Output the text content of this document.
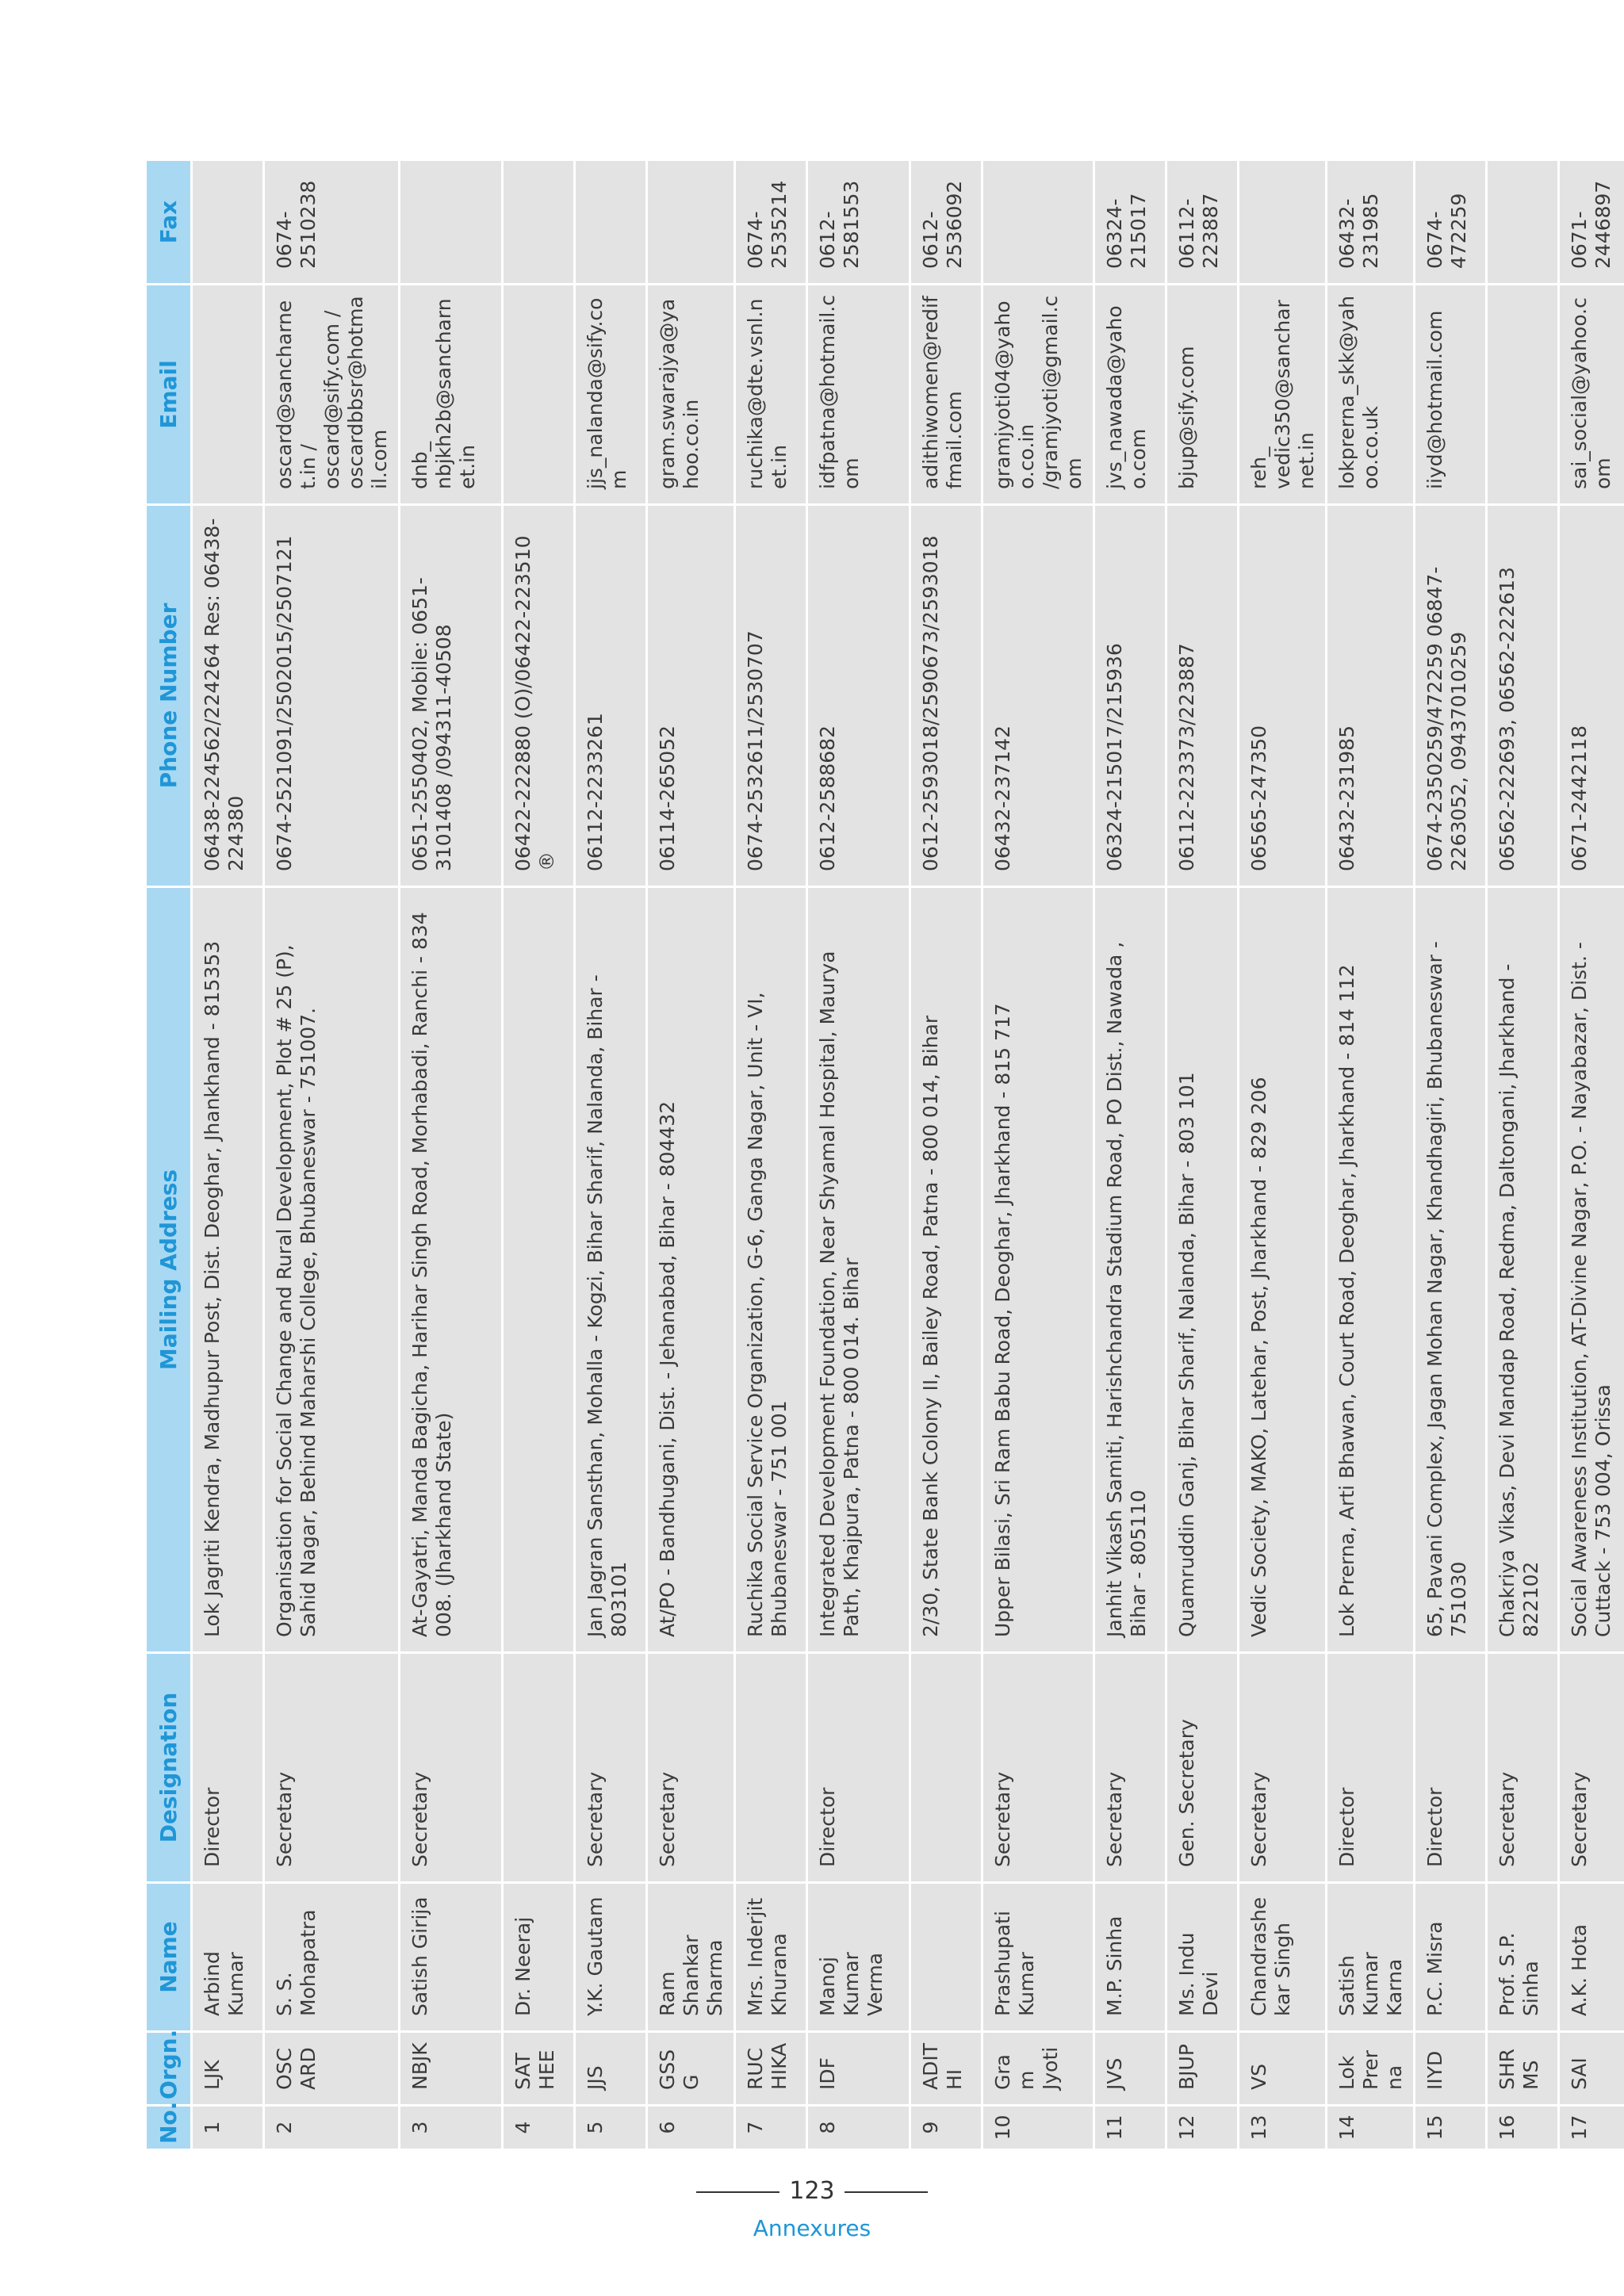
No.	Orgn.	Name	Designation	Mailing Address	Phone Number	Email	Fax
1	LJK	Arbind Kumar	Director	Lok Jagriti Kendra, Madhupur Post, Dist. Deoghar, Jhankhand - 815353	06438-224562/224264 Res: 06438-224380		
2	OSCARD	S. S. Mohapatra	Secretary	Organisation for Social Change and Rural Development, Plot # 25 (P), Sahid Nagar, Behind Maharshi College, Bhubaneswar - 751007.	0674-2521091/2502015/2507121	oscard@sancharnet.in / oscard@sify.com / oscardbbsr@hotmail.com	0674-2510238
3	NBJK	Satish Girija	Secretary	At-Gayatri, Manda Bagicha, Harihar Singh Road, Morhabadi, Ranchi - 834 008. (Jharkhand State)	0651-2550402, Mobile: 0651-3101408 /094311-40508	dnb_ nbjkh2b@sancharnet.in	
4	SATHEE	Dr. Neeraj			06422-222880 (O)/06422-223510 ®		
5	JJS	Y.K. Gautam	Secretary	Jan Jagran Sansthan, Mohalla - Kogzi, Bihar Sharif, Nalanda, Bihar - 803101	06112-2233261	jjs_nalanda@sify.com	
6	GSSG	Ram Shankar Sharma	Secretary	At/PO - Bandhugani, Dist. - Jehanabad, Bihar - 804432	06114-265052	gram.swarajya@yahoo.co.in	
7	RUCHIKA	Mrs. Inderjit Khurana		Ruchika Social Service Organization, G-6, Ganga Nagar, Unit - VI, Bhubaneswar - 751 001	0674-2532611/2530707	ruchika@dte.vsnl.net.in	0674-2535214
8	IDF	Manoj Kumar Verma	Director	Integrated Development Foundation, Near Shyamal Hospital, Maurya Path, Khajpura, Patna - 800 014. Bihar	0612-2588682	idfpatna@hotmail.com	0612-2581553
9	ADITHI			2/30, State Bank Colony II, Bailey Road, Patna - 800 014, Bihar	0612-2593018/2590673/2593018	adithiwomen@rediffmail.com	0612-2536092
10	Gram Jyoti	Prashupati Kumar	Secretary	Upper Bilasi, Sri Ram Babu Road, Deoghar, Jharkhand - 815 717	06432-237142	gramjyoti04@yahoo.co.in /gramjyoti@gmail.com	
11	JVS	M.P. Sinha	Secretary	Janhit Vikash Samiti, Harishchandra Stadium Road, PO Dist., Nawada , Bihar - 805110	06324-215017/215936	jvs_nawada@yahoo.com	06324-215017
12	BJUP	Ms. Indu Devi	Gen. Secretary	Quamruddin Ganj, Bihar Sharif, Nalanda, Bihar - 803 101	06112-223373/223887	bjup@sify.com	06112-223887
13	VS	Chandrashekar Singh	Secretary	Vedic Society, MAKO, Latehar, Post, Jharkhand - 829 206	06565-247350	reh_ vedic350@sancharnet.in	
14	Lok Prerna	Satish Kumar Karna	Director	Lok Prerna, Arti Bhawan, Court Road, Deoghar, Jharkhand - 814 112	06432-231985	lokprerna_skk@yahoo.co.uk	06432-231985
15	IIYD	P.C. Misra	Director	65, Pavani Complex, Jagan Mohan Nagar, Khandhagiri, Bhubaneswar - 751030	0674-2350259/472259 06847-2263052, 09437010259	iiyd@hotmail.com	0674-472259
16	SHRMS	Prof. S.P. Sinha	Secretary	Chakriya Vikas, Devi Mandap Road, Redma, Daltongani, Jharkhand - 822102	06562-222693, 06562-222613		
17	SAI	A.K. Hota	Secretary	Social Awareness Institution, AT-Divine Nagar, P.O. - Nayabazar, Dist. - Cuttack - 753 004, Orissa	0671-2442118	sai_social@yahoo.com	0671-2446897
123
Annexures
